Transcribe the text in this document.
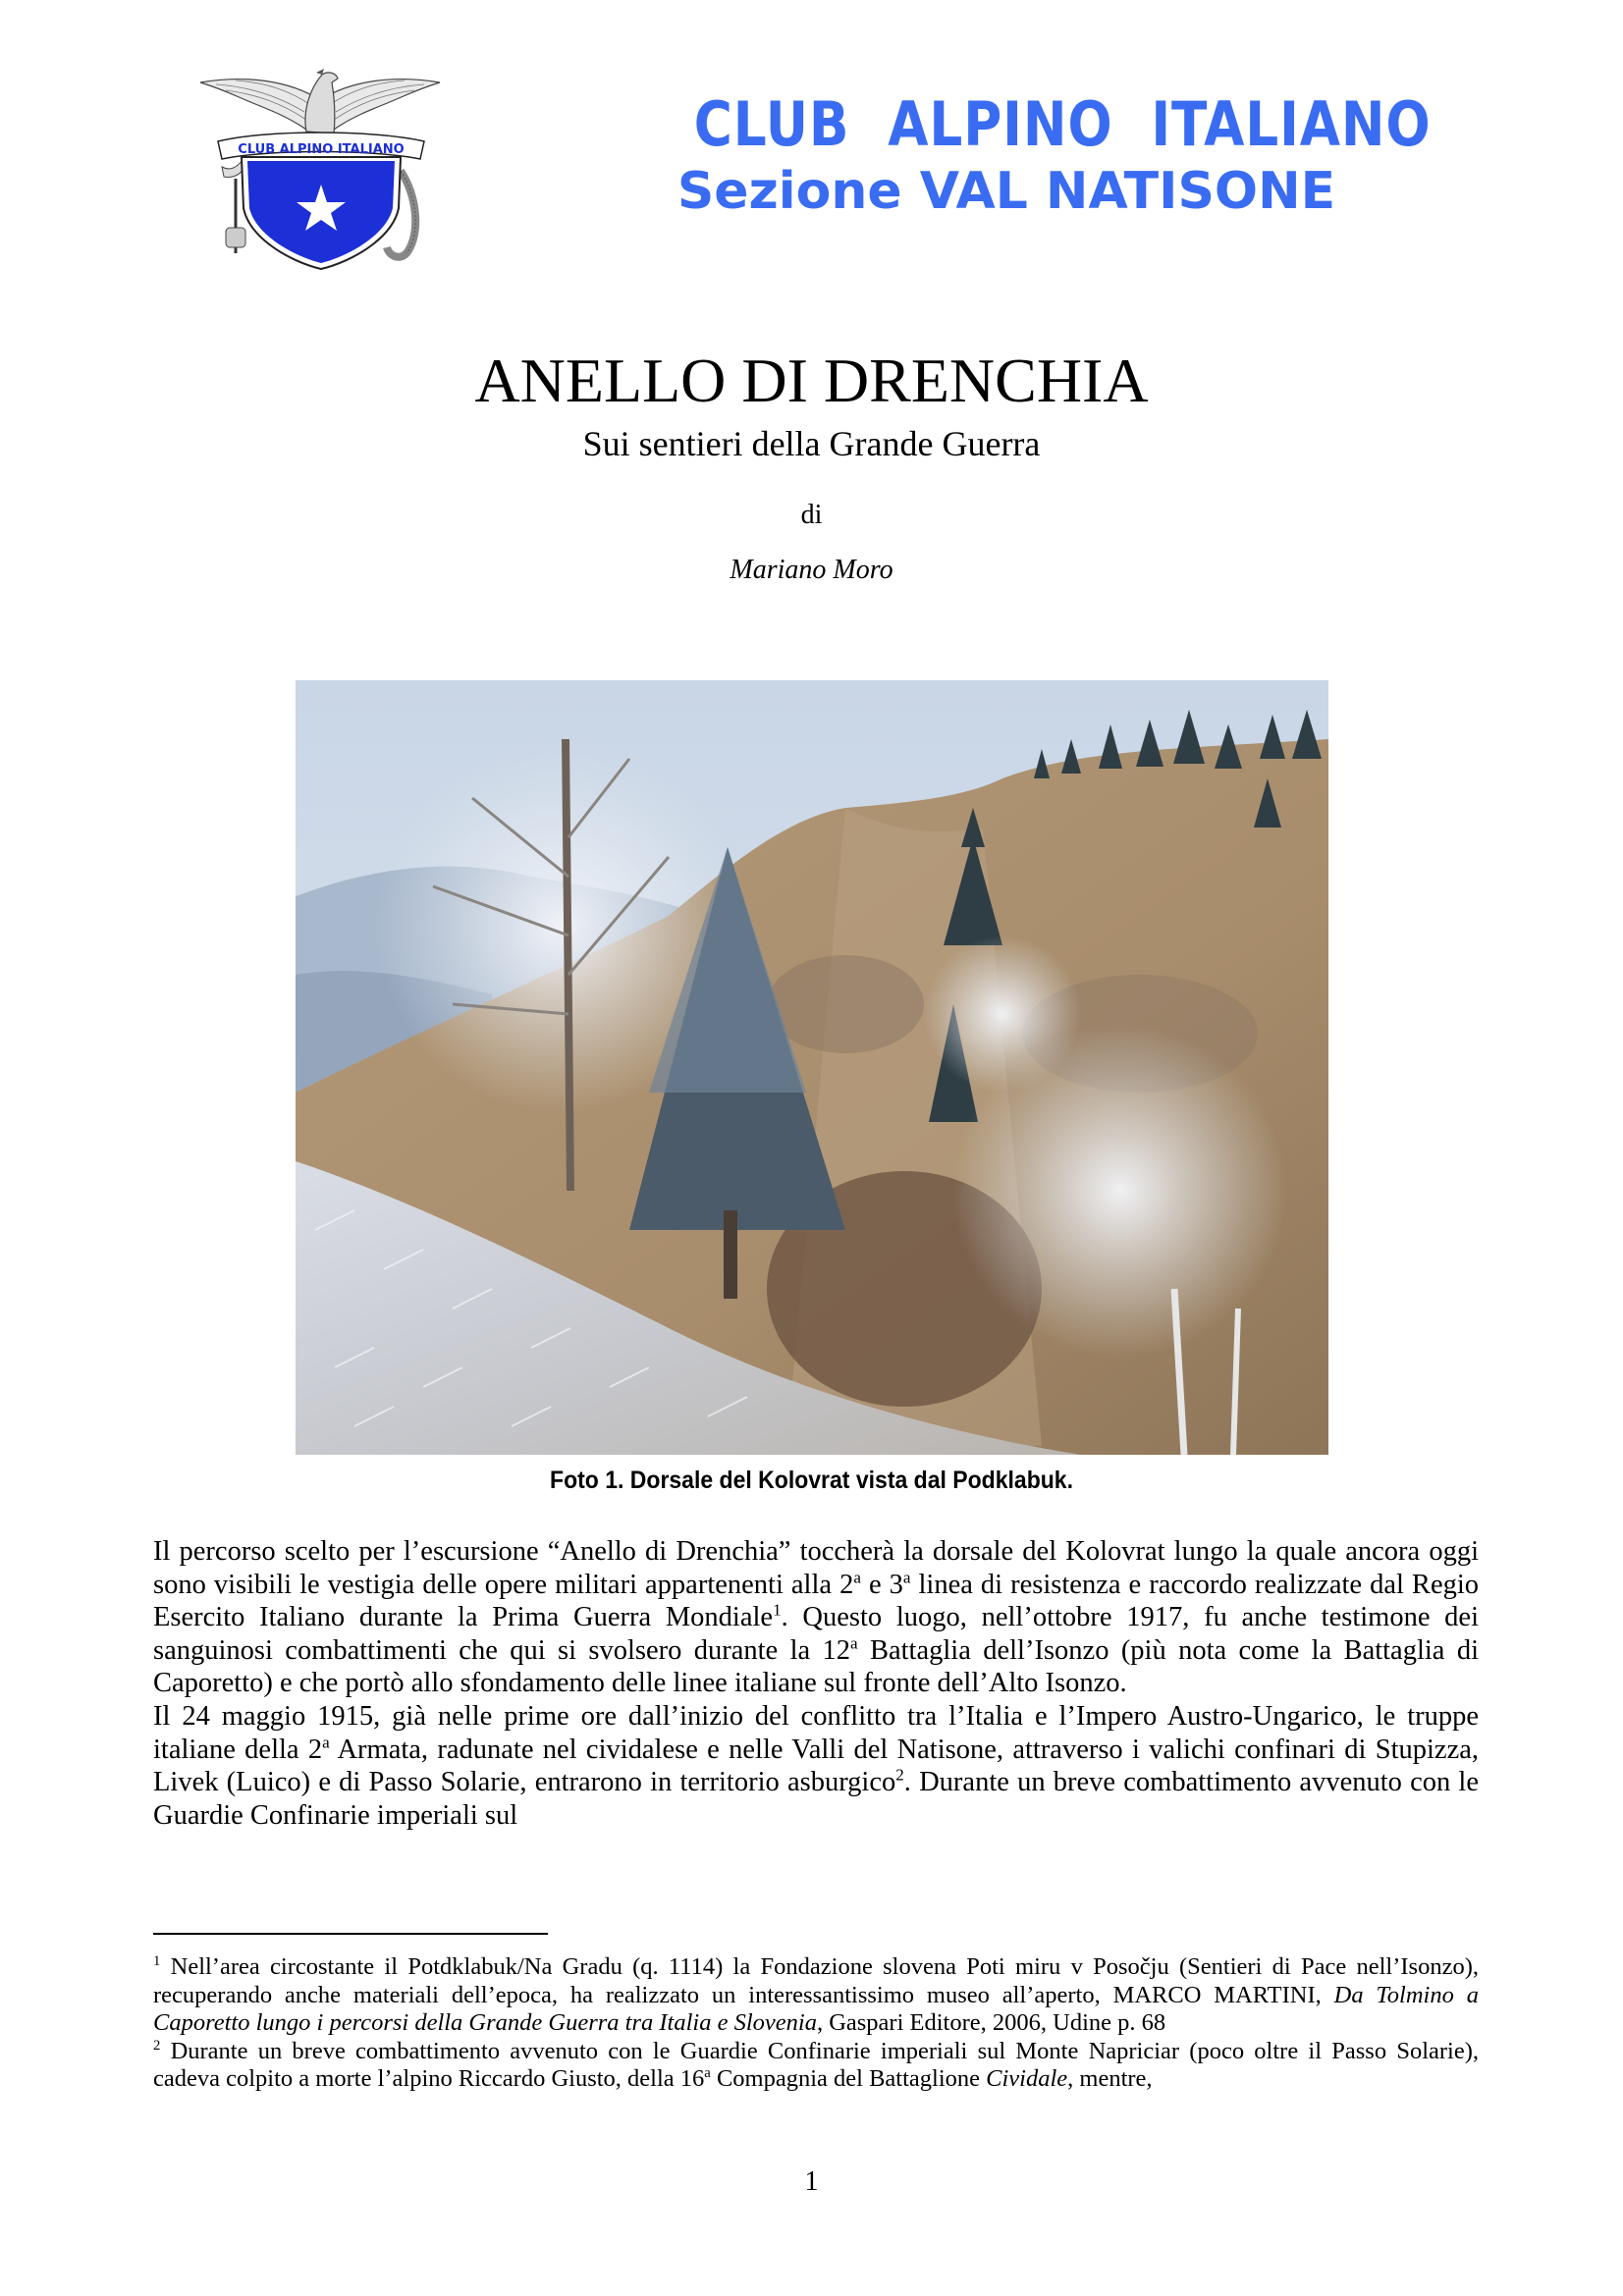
CLUB ALPINO ITALIANO	CLUB  ALPINO  ITALIANO
Sezione VAL NATISONE
ANELLO DI DRENCHIA
Sui sentieri della Grande Guerra
di
Mariano Moro
Foto 1. Dorsale del Kolovrat vista dal Podklabuk.

Il percorso scelto per l’escursione “Anello di Drenchia” toccherà la dorsale del Kolovrat lungo la quale ancora oggi sono visibili le vestigia delle opere militari appartenenti alla 2$^a$ e 3$^a$ linea di resistenza e raccordo realizzate dal Regio Esercito Italiano durante la Prima Guerra Mondiale$^1$. Questo luogo, nell’ottobre 1917, fu anche testimone dei sanguinosi combattimenti che qui si svolsero durante la 12$^a$ Battaglia dell’Isonzo (più nota come la Battaglia di Caporetto) e che portò allo sfondamento delle linee italiane sul fronte dell’Alto Isonzo.

Il 24 maggio 1915, già nelle prime ore dall’inizio del conflitto tra l’Italia e l’Impero Austro-Ungarico, le truppe italiane della 2$^a$ Armata, radunate nel cividalese e nelle Valli del Natisone, attraverso i valichi confinari di Stupizza, Livek (Luico) e di Passo Solarie, entrarono in territorio asburgico$^2$. Durante un breve combattimento avvenuto con le Guardie Confinarie imperiali sul

$^1$ Nell’area circostante il Potdklabuk/Na Gradu (q. 1114) la Fondazione slovena Poti miru v Posočju (Sentieri di Pace nell’Isonzo), recuperando anche materiali dell’epoca, ha realizzato un interessantissimo museo all’aperto, MARCO MARTINI, Da Tolmino a Caporetto lungo i percorsi della Grande Guerra tra Italia e Slovenia, Gaspari Editore, 2006, Udine p. 68

$^2$ Durante un breve combattimento avvenuto con le Guardie Confinarie imperiali sul Monte Napriciar (poco oltre il Passo Solarie), cadeva colpito a morte l’alpino Riccardo Giusto, della 16$^a$ Compagnia del Battaglione Cividale, mentre,

1
